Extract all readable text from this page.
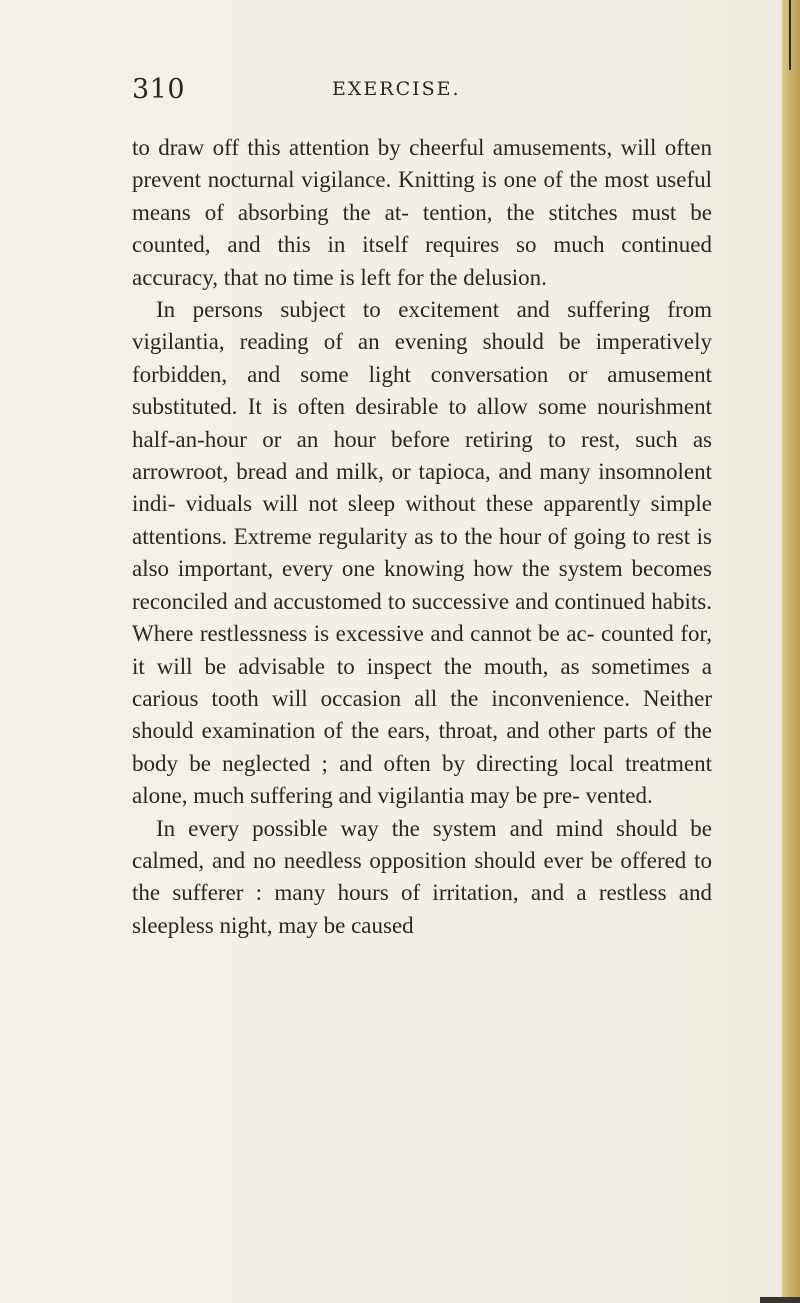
310	EXERCISE.

to draw off this attention by cheerful amusements, will often prevent nocturnal vigilance. Knitting is one of the most useful means of absorbing the at- tention, the stitches must be counted, and this in itself requires so much continued accuracy, that no time is left for the delusion.

In persons subject to excitement and suffering from vigilantia, reading of an evening should be imperatively forbidden, and some light conversation or amusement substituted. It is often desirable to allow some nourishment half-an-hour or an hour before retiring to rest, such as arrowroot, bread and milk, or tapioca, and many insomnolent indi- viduals will not sleep without these apparently simple attentions. Extreme regularity as to the hour of going to rest is also important, every one knowing how the system becomes reconciled and accustomed to successive and continued habits. Where restlessness is excessive and cannot be ac- counted for, it will be advisable to inspect the mouth, as sometimes a carious tooth will occasion all the inconvenience. Neither should examination of the ears, throat, and other parts of the body be neglected ; and often by directing local treatment alone, much suffering and vigilantia may be pre- vented.

In every possible way the system and mind should be calmed, and no needless opposition should ever be offered to the sufferer : many hours of irritation, and a restless and sleepless night, may be caused
